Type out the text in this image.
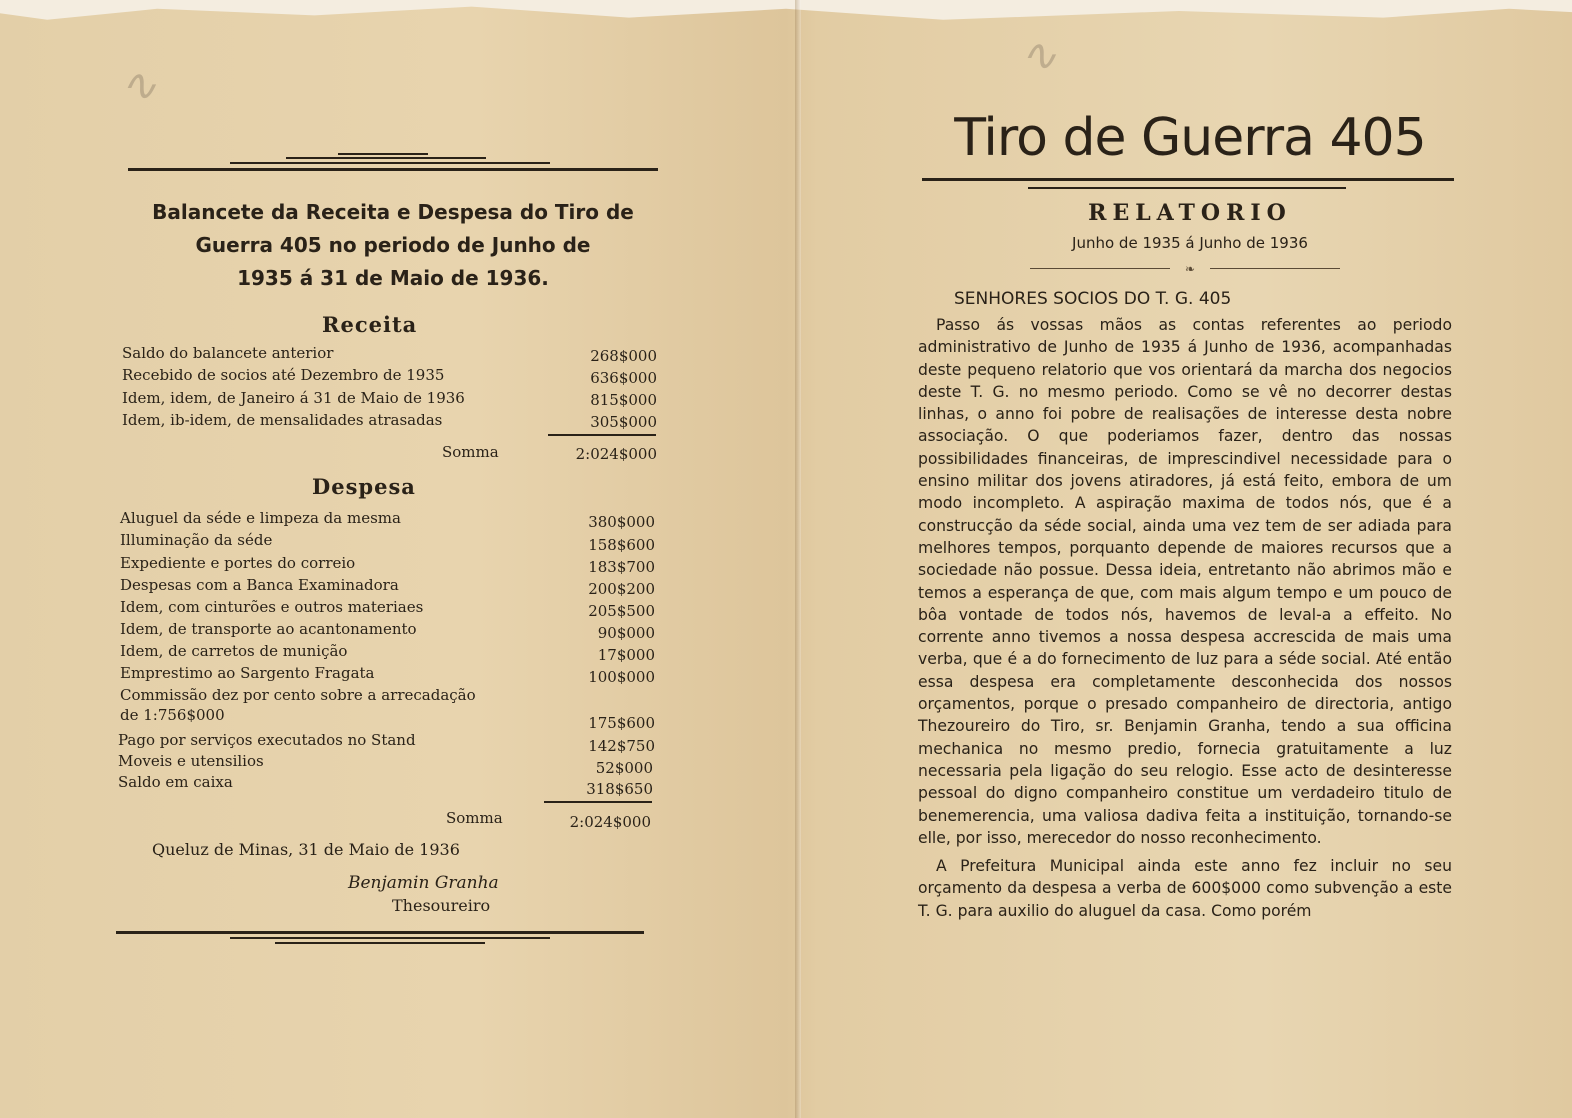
∿
∿
Balancete da Receita e Despesa do Tiro de
Guerra 405 no periodo de Junho de
1935 á 31 de Maio de 1936.
Receita
Saldo do balancete anterior	268$000
Recebido de socios até Dezembro de 1935	636$000
Idem, idem, de Janeiro á 31 de Maio de 1936	815$000
Idem, ib-idem, de mensalidades atrasadas	305$000
Somma	2:024$000
Despesa
Aluguel da séde e limpeza da mesma	380$000
Illuminação da séde	158$600
Expediente e portes do correio	183$700
Despesas com a Banca Examinadora	200$200
Idem, com cinturões e outros materiaes	205$500
Idem, de transporte ao acantonamento	90$000
Idem, de carretos de munição	17$000
Emprestimo ao Sargento Fragata	100$000
Commissão dez por cento sobre a arrecadação
de 1:756$000	175$600
Pago por serviços executados no Stand	142$750
Moveis e utensilios	52$000
Saldo em caixa	318$650
Somma	2:024$000
Queluz de Minas, 31 de Maio de 1936
Benjamin Granha
Thesoureiro
Tiro de Guerra 405
RELATORIO
Junho de 1935 á Junho de 1936
❧
SENHORES SOCIOS DO T. G. 405

Passo ás vossas mãos as contas referentes ao periodo administrativo de Junho de 1935 á Junho de 1936, acompanhadas deste pequeno relatorio que vos orientará da marcha dos negocios deste T. G. no mesmo periodo. Como se vê no decorrer destas linhas, o anno foi pobre de realisações de interesse desta nobre associação. O que poderiamos fazer, dentro das nossas possibilidades financeiras, de imprescindivel necessidade para o ensino militar dos jovens atiradores, já está feito, embora de um modo incompleto. A aspiração maxima de todos nós, que é a construcção da séde social, ainda uma vez tem de ser adiada para melhores tempos, porquanto depende de maiores recursos que a sociedade não possue. Dessa ideia, entretanto não abrimos mão e temos a esperança de que, com mais algum tempo e um pouco de bôa vontade de todos nós, havemos de leval-a a effeito. No corrente anno tivemos a nossa despesa accrescida de mais uma verba, que é a do fornecimento de luz para a séde social. Até então essa despesa era completamente desconhecida dos nossos orçamentos, porque o presado companheiro de directoria, antigo Thezoureiro do Tiro, sr. Benjamin Granha, tendo a sua officina mechanica no mesmo predio, fornecia gratuitamente a luz necessaria pela ligação do seu relogio. Esse acto de desinteresse pessoal do digno companheiro constitue um verdadeiro titulo de benemerencia, uma valiosa dadiva feita a instituição, tornando-se elle, por isso, merecedor do nosso reconhecimento.

A Prefeitura Municipal ainda este anno fez incluir no seu orçamento da despesa a verba de 600$000 como subvenção a este T. G. para auxilio do aluguel da casa. Como porém
